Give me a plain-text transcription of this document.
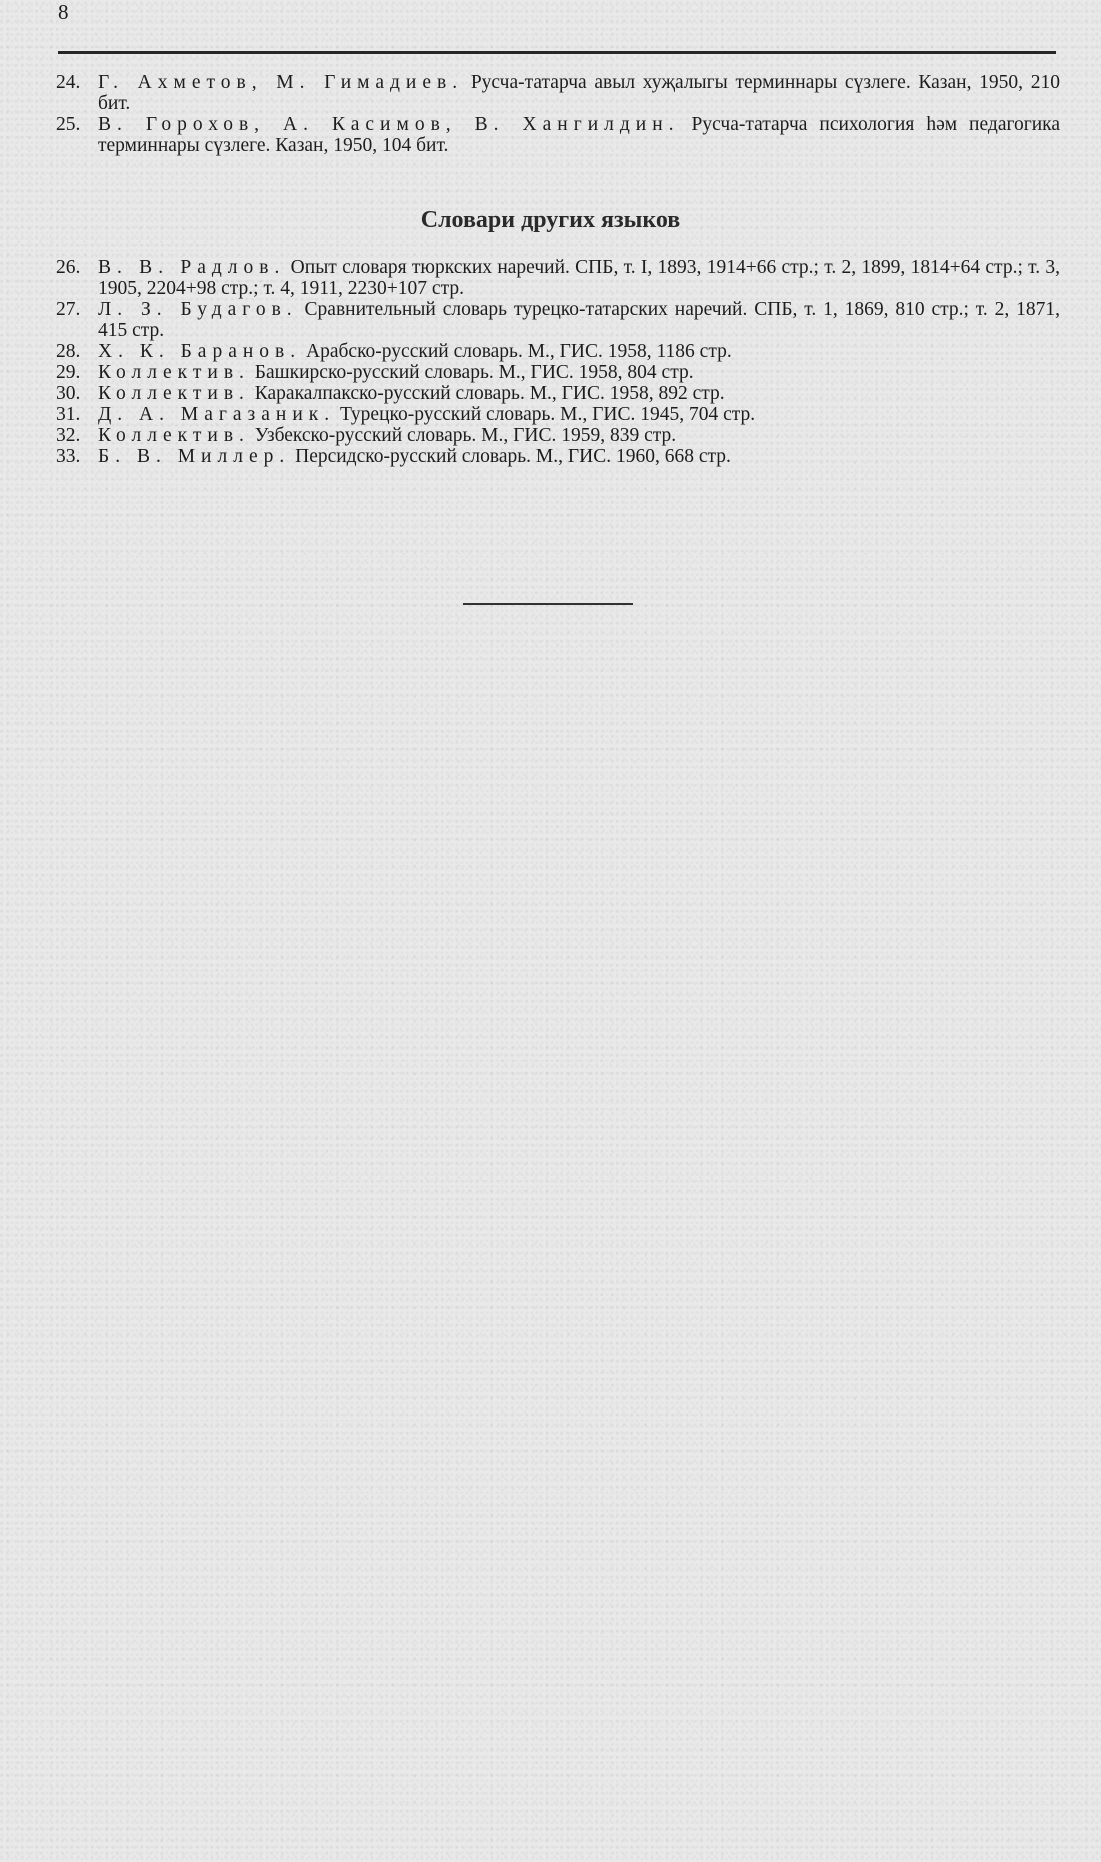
8
24. Г. Ахметов, М. Гимадиев. Русча-татарча авыл хуҗалыгы терминнары сүзлеге. Казан, 1950, 210 бит.
25. В. Горохов, А. Касимов, В. Хангилдин. Русча-татарча психология һәм педагогика терминнары сүзлеге. Казан, 1950, 104 бит.
Словари других языков
26. В. В. Радлов. Опыт словаря тюркских наречий. СПБ, т. I, 1893, 1914+66 стр.; т. 2, 1899, 1814+64 стр.; т. 3, 1905, 2204+98 стр.; т. 4, 1911, 2230+107 стр.
27. Л. З. Будагов. Сравнительный словарь турецко-татарских наречий. СПБ, т. 1, 1869, 810 стр.; т. 2, 1871, 415 стр.
28. Х. К. Баранов. Арабско-русский словарь. М., ГИС. 1958, 1186 стр.
29. Коллектив. Башкирско-русский словарь. М., ГИС. 1958, 804 стр.
30. Коллектив. Каракалпакско-русский словарь. М., ГИС. 1958, 892 стр.
31. Д. А. Магазаник. Турецко-русский словарь. М., ГИС. 1945, 704 стр.
32. Коллектив. Узбекско-русский словарь. М., ГИС. 1959, 839 стр.
33. Б. В. Миллер. Персидско-русский словарь. М., ГИС. 1960, 668 стр.
